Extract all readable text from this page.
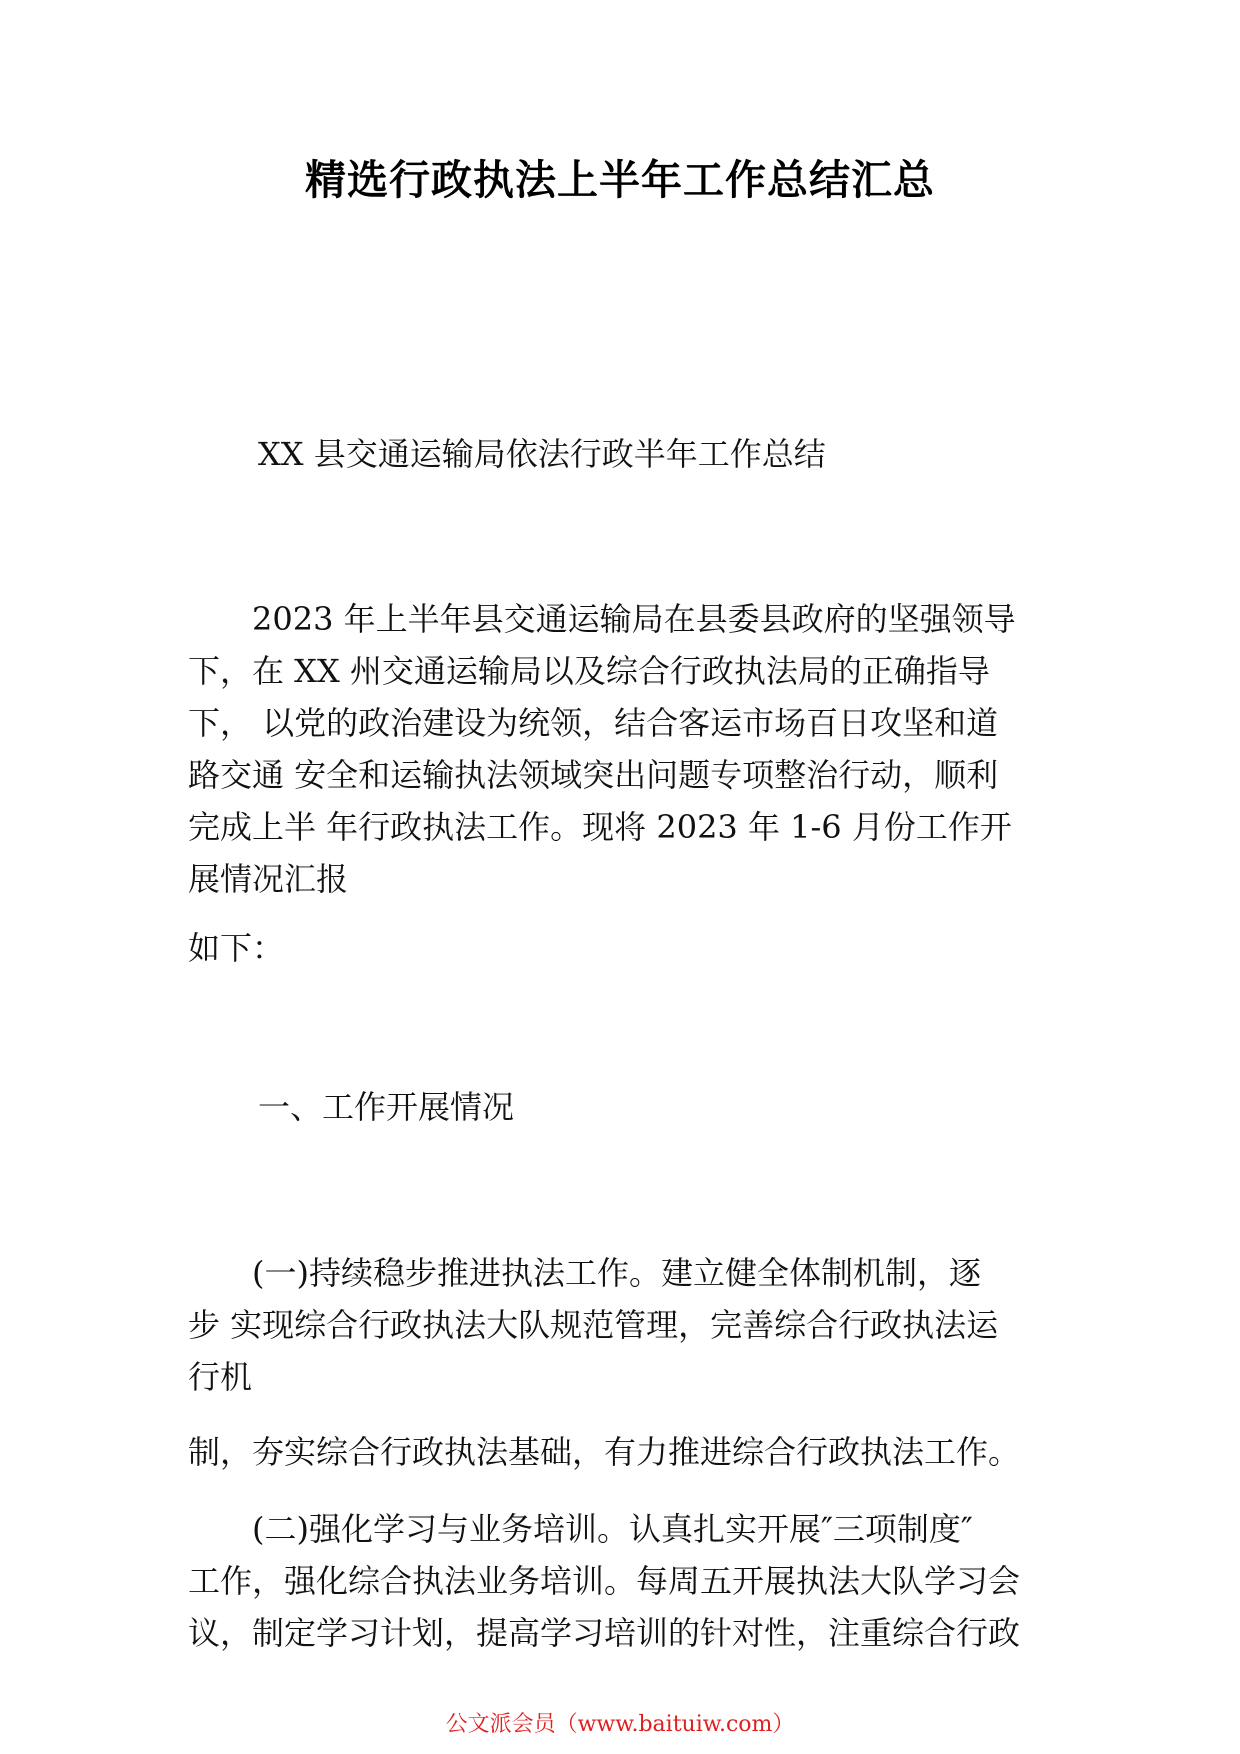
精选行政执法上半年工作总结汇总
XX 县交通运输局依法行政半年工作总结
　　2023 年上半年县交通运输局在县委县政府的坚强领导
下，在 XX 州交通运输局以及综合行政执法局的正确指导
下， 以党的政治建设为统领，结合客运市场百日攻坚和道
路交通 安全和运输执法领域突出问题专项整治行动，顺利
完成上半 年行政执法工作。现将 2023 年 1-6 月份工作开
展情况汇报
如下：
一、工作开展情况
　　(一)持续稳步推进执法工作。建立健全体制机制，逐
步 实现综合行政执法大队规范管理，完善综合行政执法运
行机
制，夯实综合行政执法基础，有力推进综合行政执法工作。
　　(二)强化学习与业务培训。认真扎实开展″三项制度″
工作，强化综合执法业务培训。每周五开展执法大队学习会
议，制定学习计划，提高学习培训的针对性，注重综合行政
公文派会员（www.baituiw.com）
